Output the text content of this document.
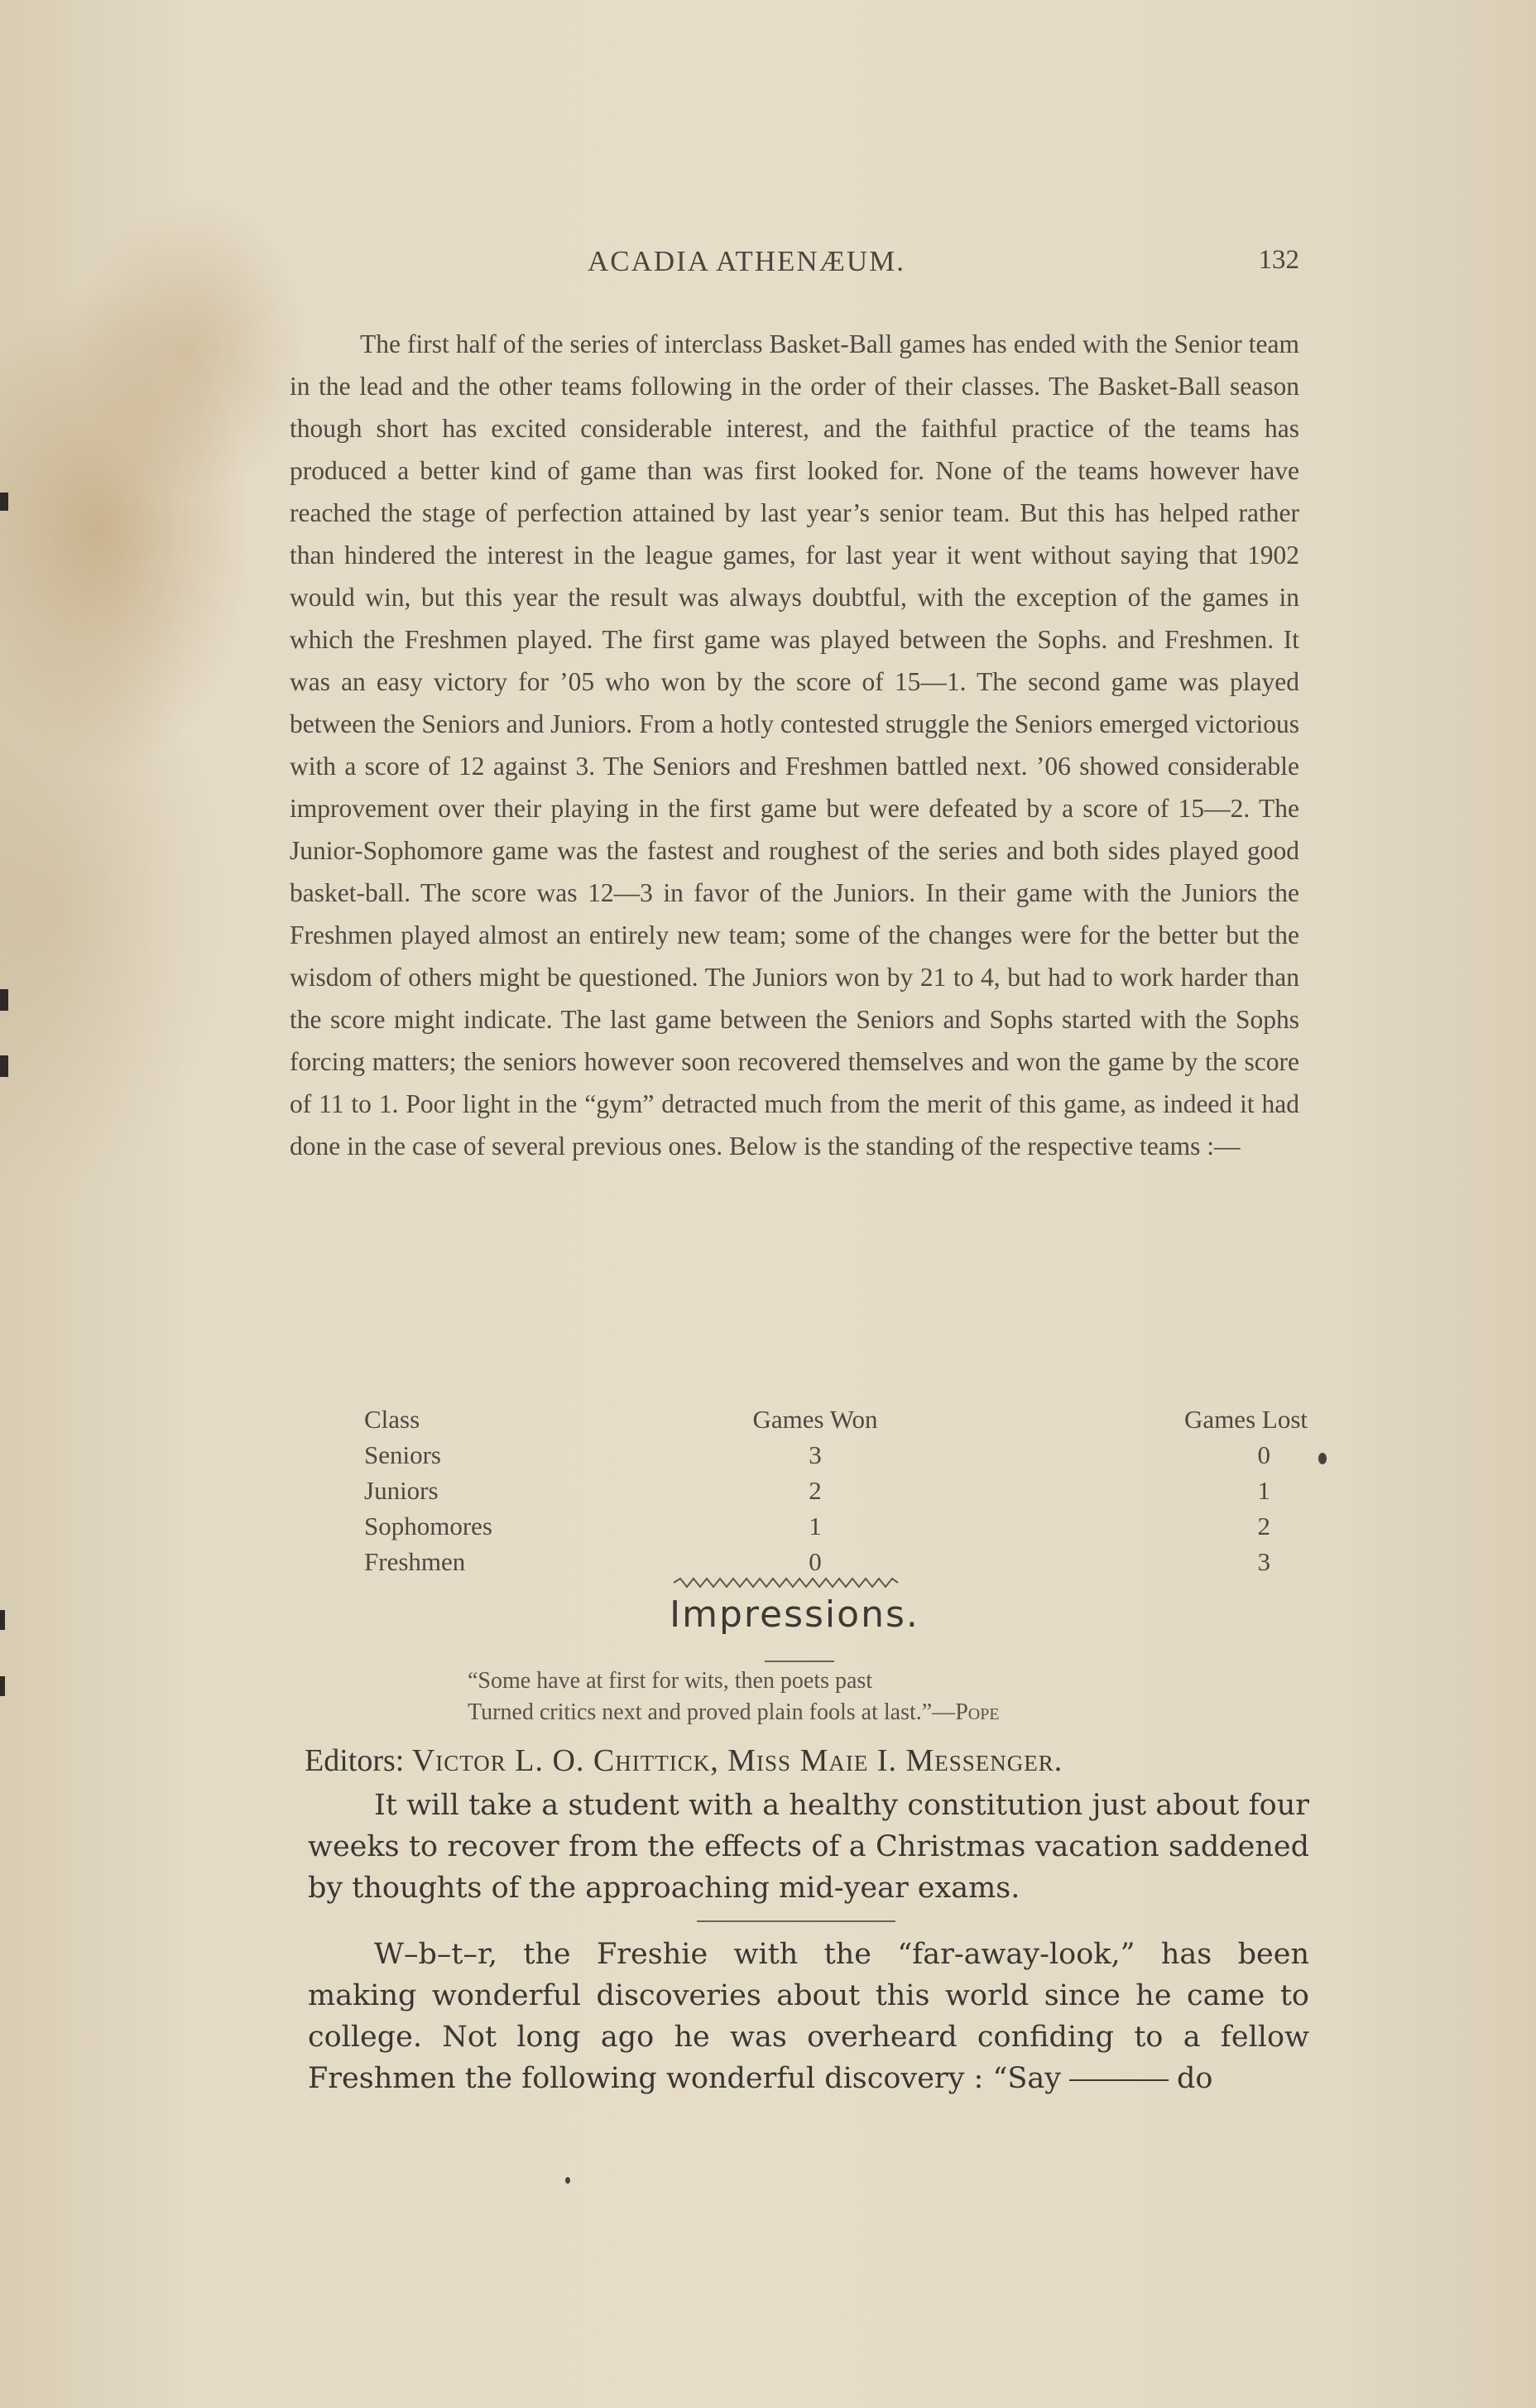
ACADIA ATHENÆUM.	132

The first half of the series of interclass Basket-Ball games has ended with the Senior team in the lead and the other teams following in the order of their classes. The Basket-Ball season though short has excited considerable interest, and the faithful practice of the teams has produced a better kind of game than was first looked for. None of the teams however have reached the stage of perfection attained by last year’s senior team. But this has helped rather than hindered the interest in the league games, for last year it went without saying that 1902 would win, but this year the result was always doubtful, with the exception of the games in which the Freshmen played. The first game was played between the Sophs. and Freshmen. It was an easy victory for ’05 who won by the score of 15—1. The second game was played between the Seniors and Juniors. From a hotly contested struggle the Seniors emerged victorious with a score of 12 against 3. The Seniors and Freshmen battled next. ’06 showed considerable improvement over their playing in the first game but were defeated by a score of 15—2. The Junior-Sophomore game was the fastest and roughest of the series and both sides played good basket-ball. The score was 12—3 in favor of the Juniors. In their game with the Juniors the Freshmen played almost an entirely new team; some of the changes were for the better but the wisdom of others might be questioned. The Juniors won by 21 to 4, but had to work harder than the score might indicate. The last game between the Seniors and Sophs started with the Sophs forcing matters; the seniors however soon recovered themselves and won the game by the score of 11 to 1. Poor light in the “gym” detracted much from the merit of this game, as indeed it had done in the case of several previous ones. Below is the standing of the respective teams :—

Class	Games Won	Games Lost
Seniors	3	0
Juniors	2	1
Sophomores	1	2
Freshmen	0	3
Impressions.
“Some have at first for wits, then poets past
Turned critics next and proved plain fools at last.”—Pope
Editors: Victor L. O. Chittick, Miss Maie I. Messenger.

It will take a student with a healthy constitution just about four weeks to recover from the effects of a Christmas vacation saddened by thoughts of the approaching mid-year exams.

W–b–t–r, the Freshie with the “far-away-look,” has been making wonderful discoveries about this world since he came to college. Not long ago he was overheard confiding to a fellow Freshmen the following wonderful discovery : “Say	do
